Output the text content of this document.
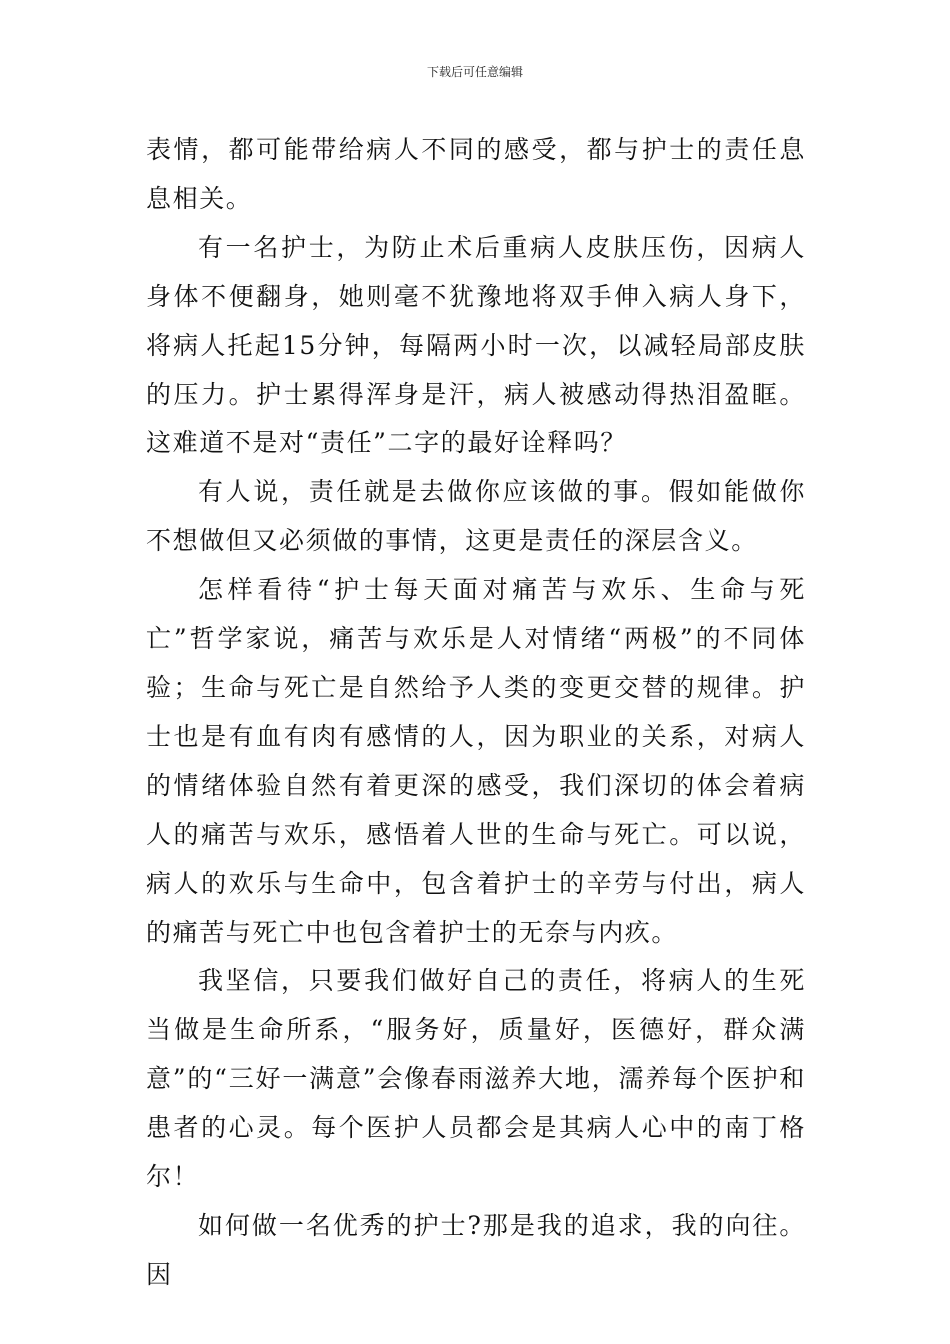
下载后可任意编辑

表情，都可能带给病人不同的感受，都与护士的责任息息相关。

有一名护士，为防止术后重病人皮肤压伤，因病人身体不便翻身，她则毫不犹豫地将双手伸入病人身下，将病人托起15分钟，每隔两小时一次，以减轻局部皮肤的压力。护士累得浑身是汗，病人被感动得热泪盈眶。这难道不是对“责任”二字的最好诠释吗？

有人说，责任就是去做你应该做的事。假如能做你不想做但又必须做的事情，这更是责任的深层含义。

怎样看待“护士每天面对痛苦与欢乐、生命与死亡”哲学家说，痛苦与欢乐是人对情绪“两极”的不同体验；生命与死亡是自然给予人类的变更交替的规律。护士也是有血有肉有感情的人，因为职业的关系，对病人的情绪体验自然有着更深的感受，我们深切的体会着病人的痛苦与欢乐，感悟着人世的生命与死亡。可以说，病人的欢乐与生命中，包含着护士的辛劳与付出，病人的痛苦与死亡中也包含着护士的无奈与内疚。

我坚信，只要我们做好自己的责任，将病人的生死当做是生命所系，“服务好，质量好，医德好，群众满意”的“三好一满意”会像春雨滋养大地，濡养每个医护和患者的心灵。每个医护人员都会是其病人心中的南丁格尔！

如何做一名优秀的护士?那是我的追求，我的向往。因
